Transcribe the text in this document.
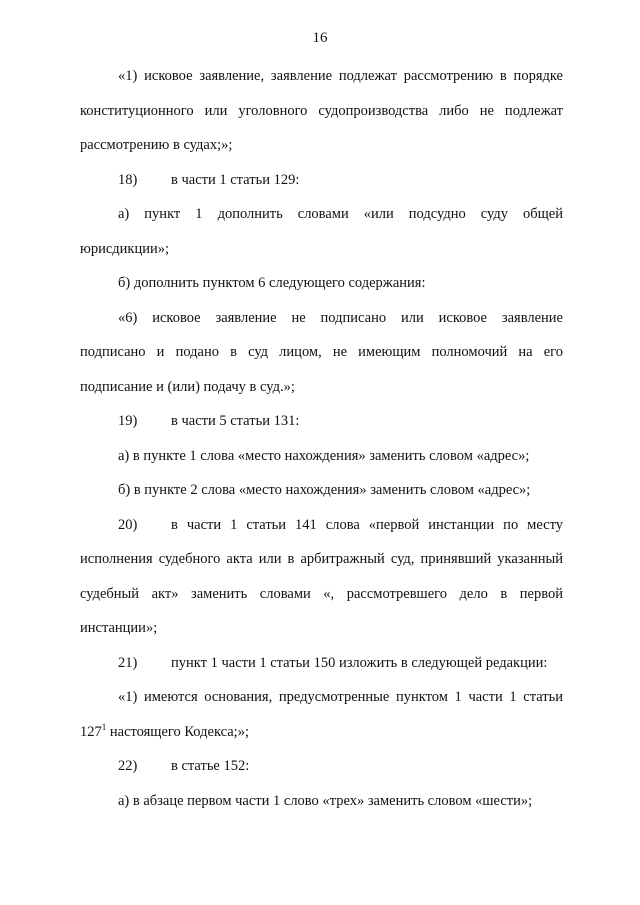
16
«1) исковое заявление, заявление подлежат рассмотрению в порядке
конституционного или уголовного судопроизводства либо не подлежат
рассмотрению в судах;»;
18) в части 1 статьи 129:
а) пункт 1 дополнить словами «или подсудно суду общей
юрисдикции»;
б) дополнить пунктом 6 следующего содержания:
«6) исковое заявление не подписано или исковое заявление
подписано и подано в суд лицом, не имеющим полномочий на его
подписание и (или) подачу в суд.»;
19) в части 5 статьи 131:
а) в пункте 1 слова «место нахождения» заменить словом «адрес»;
б) в пункте 2 слова «место нахождения» заменить словом «адрес»;
20) в части 1 статьи 141 слова «первой инстанции по месту
исполнения судебного акта или в арбитражный суд, принявший указанный
судебный акт» заменить словами «, рассмотревшего дело в первой
инстанции»;
21) пункт 1 части 1 статьи 150 изложить в следующей редакции:
«1) имеются основания, предусмотренные пунктом 1 части 1 статьи
$127^1$ настоящего Кодекса;»;
22) в статье 152:
а) в абзаце первом части 1 слово «трех» заменить словом «шести»;
